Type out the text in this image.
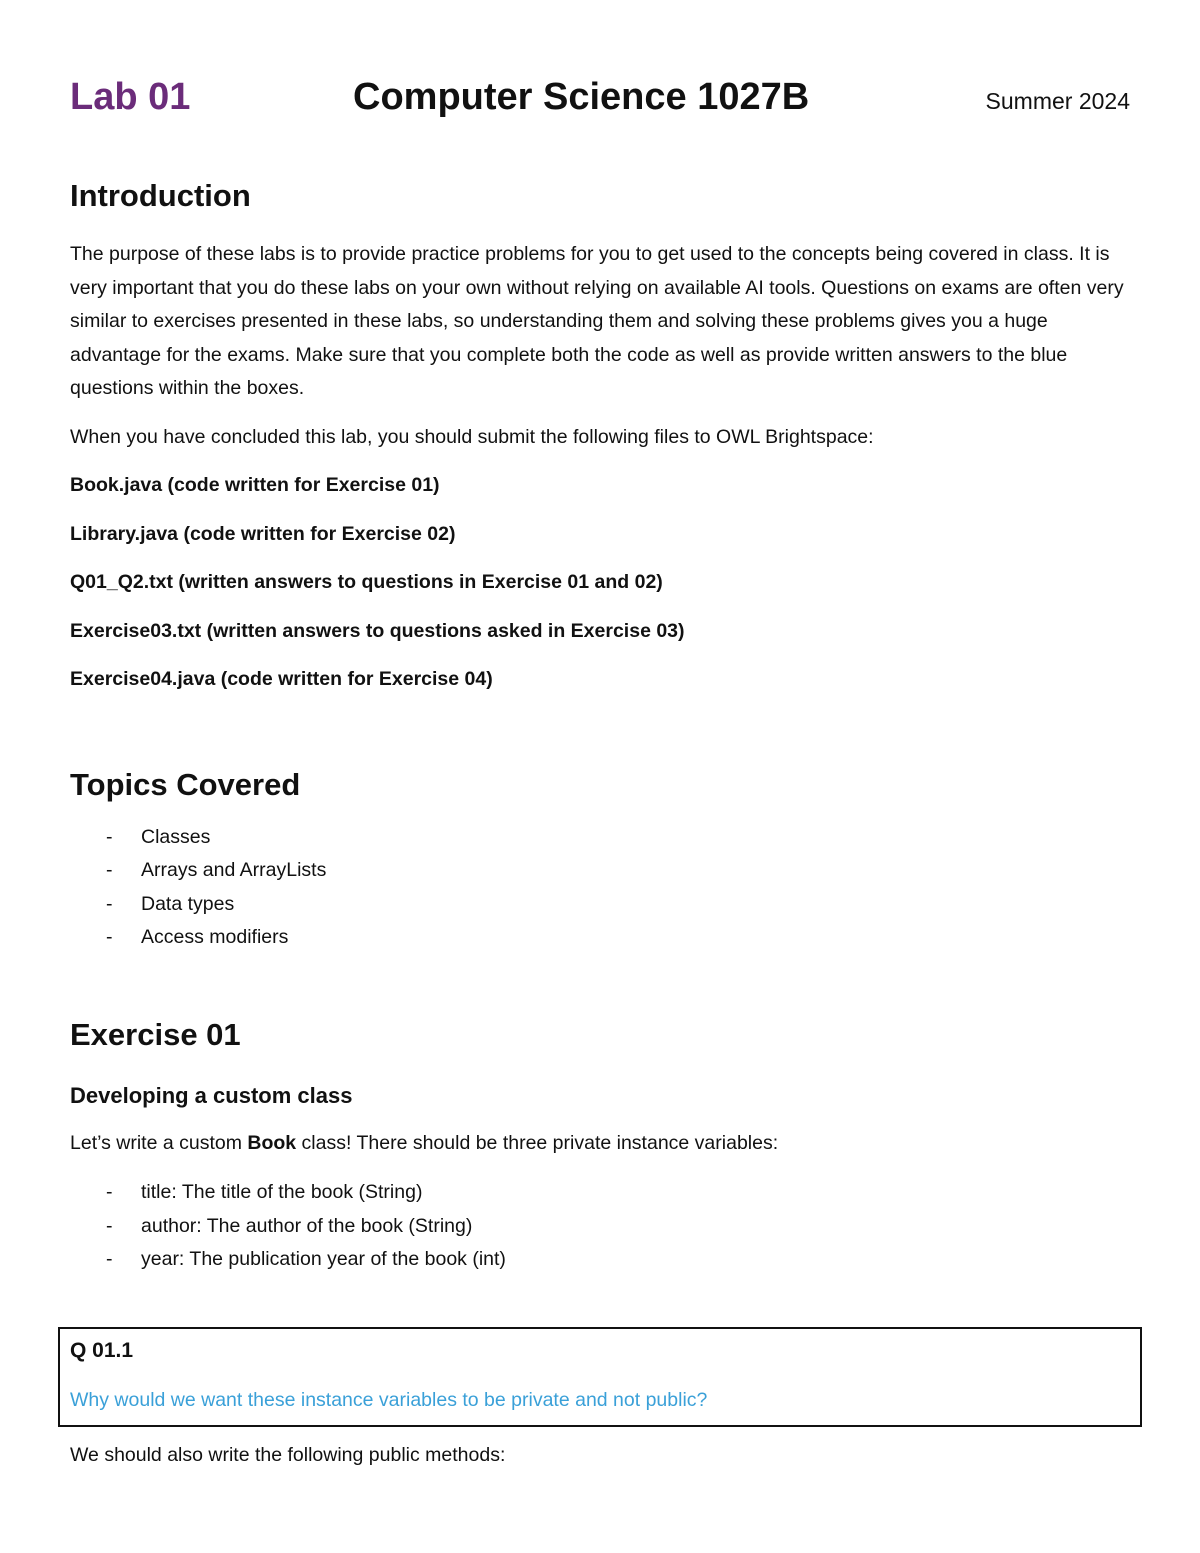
Lab 01	Computer Science 1027B	Summer 2024
Introduction

The purpose of these labs is to provide practice problems for you to get used to the concepts being covered in class. It is very important that you do these labs on your own without relying on available AI tools. Questions on exams are often very similar to exercises presented in these labs, so understanding them and solving these problems gives you a huge advantage for the exams. Make sure that you complete both the code as well as provide written answers to the blue questions within the boxes.

When you have concluded this lab, you should submit the following files to OWL Brightspace:

Book.java (code written for Exercise 01)

Library.java (code written for Exercise 02)

Q01_Q2.txt (written answers to questions in Exercise 01 and 02)

Exercise03.txt (written answers to questions asked in Exercise 03)

Exercise04.java (code written for Exercise 04)

Topics Covered
- Classes
- Arrays and ArrayLists
- Data types
- Access modifiers
Exercise 01
Developing a custom class

Let’s write a custom Book class! There should be three private instance variables:

- title: The title of the book (String)
- author: The author of the book (String)
- year: The publication year of the book (int)
Q 01.1
Why would we want these instance variables to be private and not public?

We should also write the following public methods:
